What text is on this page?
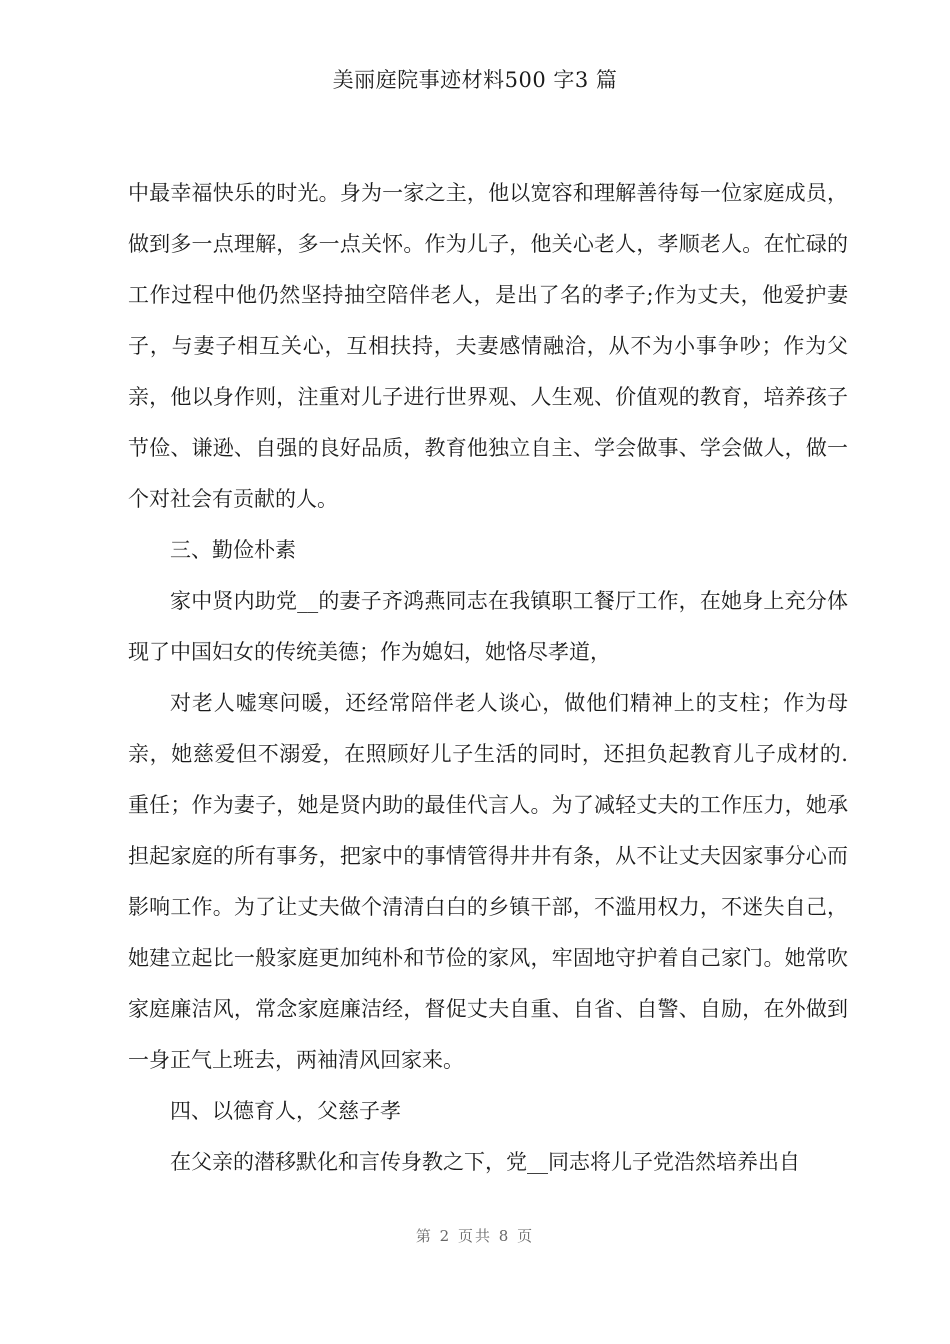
美丽庭院事迹材料500 字3 篇

中最幸福快乐的时光。身为一家之主，他以宽容和理解善待每一位家庭成员，做到多一点理解，多一点关怀。作为儿子，他关心老人，孝顺老人。在忙碌的工作过程中他仍然坚持抽空陪伴老人，是出了名的孝子;作为丈夫，他爱护妻子，与妻子相互关心，互相扶持，夫妻感情融洽，从不为小事争吵；作为父亲，他以身作则，注重对儿子进行世界观、人生观、价值观的教育，培养孩子节俭、谦逊、自强的良好品质，教育他独立自主、学会做事、学会做人，做一个对社会有贡献的人。

三、勤俭朴素

家中贤内助党__的妻子齐鸿燕同志在我镇职工餐厅工作，在她身上充分体现了中国妇女的传统美德；作为媳妇，她恪尽孝道，

对老人嘘寒问暖，还经常陪伴老人谈心，做他们精神上的支柱；作为母亲，她慈爱但不溺爱，在照顾好儿子生活的同时，还担负起教育儿子成材的.重任；作为妻子，她是贤内助的最佳代言人。为了减轻丈夫的工作压力，她承担起家庭的所有事务，把家中的事情管得井井有条，从不让丈夫因家事分心而影响工作。为了让丈夫做个清清白白的乡镇干部，不滥用权力，不迷失自己，她建立起比一般家庭更加纯朴和节俭的家风，牢固地守护着自己家门。她常吹家庭廉洁风，常念家庭廉洁经，督促丈夫自重、自省、自警、自励，在外做到一身正气上班去，两袖清风回家来。

四、以德育人，父慈子孝

在父亲的潜移默化和言传身教之下，党__同志将儿子党浩然培养出自

第 2 页共 8 页
